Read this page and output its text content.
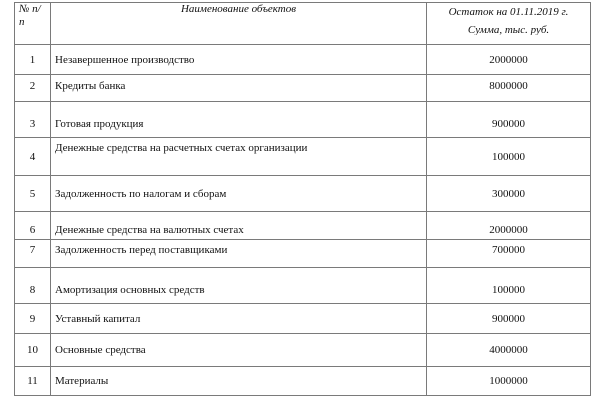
№ п/
п	Наименование объектов	Остаток на 01.11.2019 г.
Сумма, тыс. руб.

1	Незавершенное производство	2000000
2	Кредиты банка	8000000
3	Готовая продукция	900000
4	Денежные средства на расчетных счетах организации	100000
5	Задолженность по налогам и сборам	300000
6	Денежные средства на валютных счетах	2000000
7	Задолженность перед поставщиками	700000
8	Амортизация основных средств	100000
9	Уставный капитал	900000
10	Основные средства	4000000
11	Материалы	1000000
